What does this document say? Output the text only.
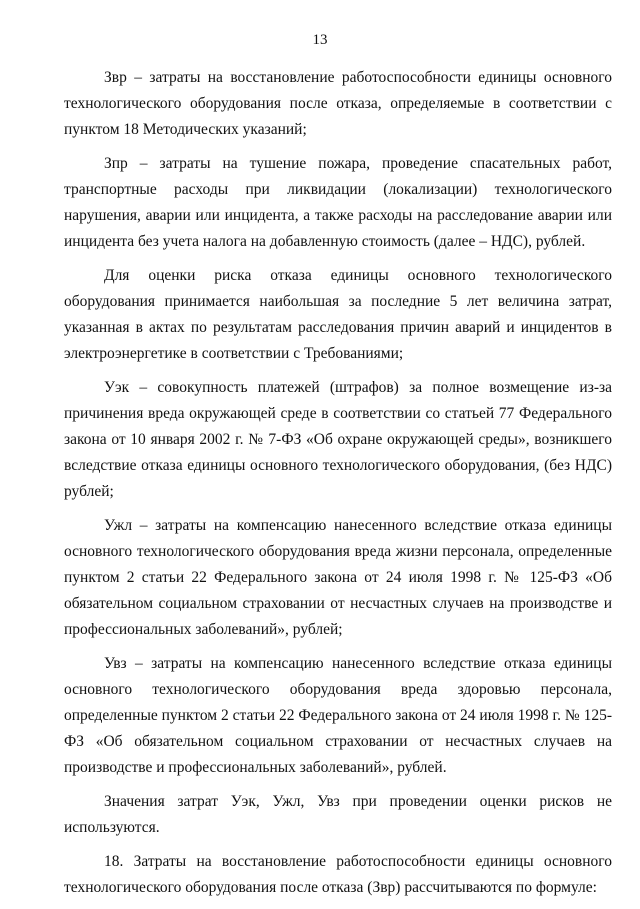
13

Звр – затраты на восстановление работоспособности единицы основного технологического оборудования после отказа, определяемые в соответствии с пунктом 18 Методических указаний;

Зпр – затраты на тушение пожара, проведение спасательных работ, транспортные расходы при ликвидации (локализации) технологического нарушения, аварии или инцидента, а также расходы на расследование аварии или инцидента без учета налога на добавленную стоимость (далее – НДС), рублей.

Для оценки риска отказа единицы основного технологического оборудования принимается наибольшая за последние 5 лет величина затрат, указанная в актах по результатам расследования причин аварий и инцидентов в электроэнергетике в соответствии с Требованиями;

Уэк – совокупность платежей (штрафов) за полное возмещение из-за причинения вреда окружающей среде в соответствии со статьей 77 Федерального закона от 10 января 2002 г. № 7-ФЗ «Об охране окружающей среды», возникшего вследствие отказа единицы основного технологического оборудования, (без НДС) рублей;

Ужл – затраты на компенсацию нанесенного вследствие отказа единицы основного технологического оборудования вреда жизни персонала, определенные пунктом 2 статьи 22 Федерального закона от 24 июля 1998 г. № 125-ФЗ «Об обязательном социальном страховании от несчастных случаев на производстве и профессиональных заболеваний», рублей;

Увз – затраты на компенсацию нанесенного вследствие отказа единицы основного технологического оборудования вреда здоровью персонала, определенные пунктом 2 статьи 22 Федерального закона от 24 июля 1998 г. № 125-ФЗ «Об обязательном социальном страховании от несчастных случаев на производстве и профессиональных заболеваний», рублей.

Значения затрат Уэк, Ужл, Увз при проведении оценки рисков не используются.

18. Затраты на восстановление работоспособности единицы основного технологического оборудования после отказа (Звр) рассчитываются по формуле:
